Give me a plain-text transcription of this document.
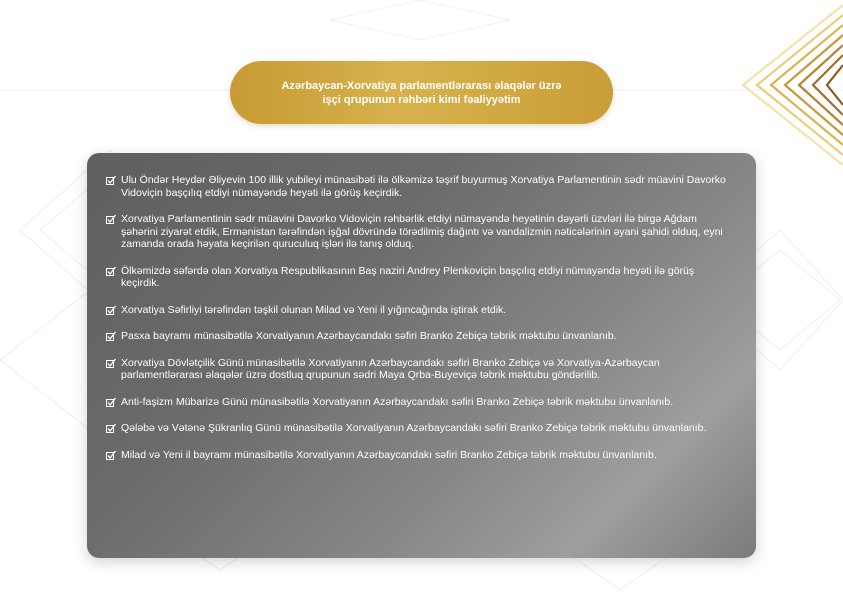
Azərbaycan-Xorvatiya parlamentlərarası əlaqələr üzrə
işçi qrupunun rəhbəri kimi fəaliyyətim
Ulu Öndər Heydər Əliyevin 100 illik yubileyi münasibəti ilə ölkəmizə təşrif buyurmuş Xorvatiya Parlamentinin sədr müavini Davorko Vidoviçin başçılıq etdiyi nümayəndə heyəti ilə görüş keçirdik.
Xorvatiya Parlamentinin sədr müavini Davorko Vidoviçin rəhbərlik etdiyi nümayəndə heyətinin dəyərli üzvləri ilə birgə Ağdam şəhərini ziyarət etdik, Ermənistan tərəfindən işğal dövründə törədilmiş dağıntı və vandalizmin nəticələrinin əyani şahidi olduq, eyni zamanda orada həyata keçirilən quruculuq işləri ilə tanış olduq.
Ölkəmizdə səfərdə olan Xorvatiya Respublikasının Baş naziri Andrey Plenkoviçin başçılıq etdiyi nümayəndə heyəti ilə görüş keçirdik.
Xorvatiya Səfirliyi tərəfindən təşkil olunan Milad və Yeni il yığıncağında iştirak etdik.
Pasxa bayramı münasibətilə Xorvatiyanın Azərbaycandakı səfiri Branko Zebiçə təbrik məktubu ünvanlanıb.
Xorvatiya Dövlətçilik Günü münasibətilə Xorvatiyanın Azərbaycandakı səfiri Branko Zebiçə və Xorvatiya-Azərbaycan parlamentlərarası əlaqələr üzrə dostluq qrupunun sədri Maya Qrba-Buyeviçə təbrik məktubu göndərilib.
Anti-faşizm Mübarizə Günü münasibətilə Xorvatiyanın Azərbaycandakı səfiri Branko Zebiçə təbrik məktubu ünvanlanıb.
Qələbə və Vətənə Şükranlıq Günü münasibətilə Xorvatiyanın Azərbaycandakı səfiri Branko Zebiçə təbrik məktubu ünvanlanıb.
Milad və Yeni il bayramı münasibətilə Xorvatiyanın Azərbaycandakı səfiri Branko Zebiçə təbrik məktubu ünvanlanıb.
